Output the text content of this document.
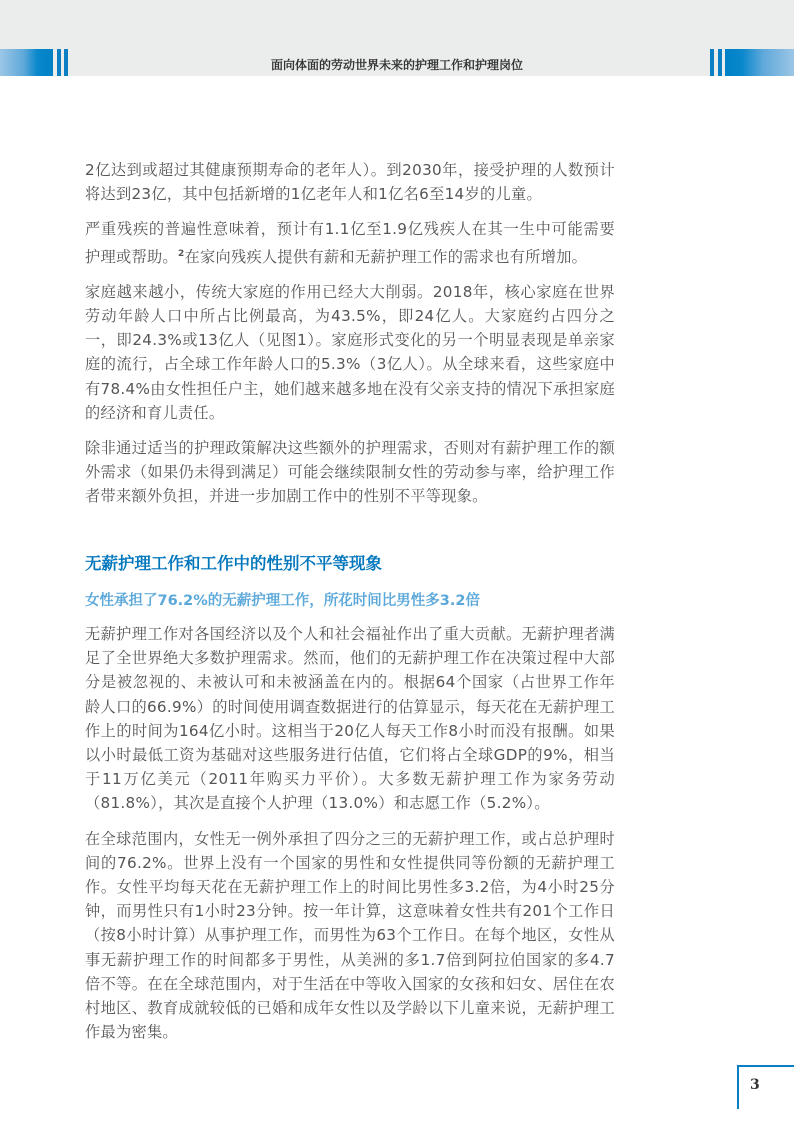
面向体面的劳动世界未来的护理工作和护理岗位

2亿达到或超过其健康预期寿命的老年人）。到2030年，接受护理的人数预计将达到23亿，其中包括新增的1亿老年人和1亿名6至14岁的儿童。

严重残疾的普遍性意味着，预计有1.1亿至1.9亿残疾人在其一生中可能需要护理或帮助。$^2$在家向残疾人提供有薪和无薪护理工作的需求也有所增加。

家庭越来越小，传统大家庭的作用已经大大削弱。2018年，核心家庭在世界劳动年龄人口中所占比例最高，为43.5%，即24亿人。大家庭约占四分之一，即24.3%或13亿人（见图1）。家庭形式变化的另一个明显表现是单亲家庭的流行，占全球工作年龄人口的5.3%（3亿人）。从全球来看，这些家庭中有78.4%由女性担任户主，她们越来越多地在没有父亲支持的情况下承担家庭的经济和育儿责任。

除非通过适当的护理政策解决这些额外的护理需求，否则对有薪护理工作的额外需求（如果仍未得到满足）可能会继续限制女性的劳动参与率，给护理工作者带来额外负担，并进一步加剧工作中的性别不平等现象。

无薪护理工作和工作中的性别不平等现象
女性承担了76.2%的无薪护理工作，所花时间比男性多3.2倍

无薪护理工作对各国经济以及个人和社会福祉作出了重大贡献。无薪护理者满足了全世界绝大多数护理需求。然而，他们的无薪护理工作在决策过程中大部分是被忽视的、未被认可和未被涵盖在内的。根据64个国家（占世界工作年龄人口的66.9%）的时间使用调查数据进行的估算显示，每天花在无薪护理工作上的时间为164亿小时。这相当于20亿人每天工作8小时而没有报酬。如果以小时最低工资为基础对这些服务进行估值，它们将占全球GDP的9%，相当于11万亿美元（2011年购买力平价）。大多数无薪护理工作为家务劳动（81.8%），其次是直接个人护理（13.0%）和志愿工作（5.2%）。

在全球范围内，女性无一例外承担了四分之三的无薪护理工作，或占总护理时间的76.2%。世界上没有一个国家的男性和女性提供同等份额的无薪护理工作。女性平均每天花在无薪护理工作上的时间比男性多3.2倍，为4小时25分钟，而男性只有1小时23分钟。按一年计算，这意味着女性共有201个工作日（按8小时计算）从事护理工作，而男性为63个工作日。在每个地区，女性从事无薪护理工作的时间都多于男性，从美洲的多1.7倍到阿拉伯国家的多4.7倍不等。在在全球范围内，对于生活在中等收入国家的女孩和妇女、居住在农村地区、教育成就较低的已婚和成年女性以及学龄以下儿童来说，无薪护理工作最为密集。

3
